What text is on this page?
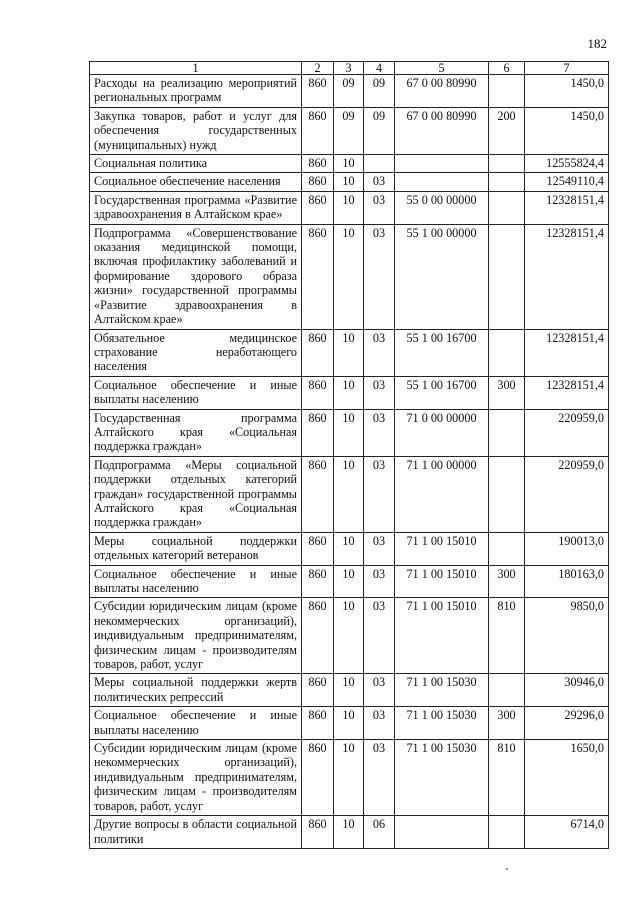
182
1	2	3	4	5	6	7
Расходы на реализацию мероприятий региональных программ	860	09	09	67 0 00 80990		1450,0
Закупка товаров, работ и услуг для обеспечения государственных (муниципальных) нужд	860	09	09	67 0 00 80990	200	1450,0
Социальная политика	860	10				12555824,4
Социальное обеспечение населения	860	10	03			12549110,4
Государственная программа «Развитие здравоохранения в Алтайском крае»	860	10	03	55 0 00 00000		12328151,4
Подпрограмма «Совершенствование оказания медицинской помощи, включая профилактику заболеваний и формирование здорового образа жизни» государственной программы «Развитие здравоохранения в Алтайском крае»	860	10	03	55 1 00 00000		12328151,4
Обязательное медицинское страхование неработающего населения	860	10	03	55 1 00 16700		12328151,4
Социальное обеспечение и иные выплаты населению	860	10	03	55 1 00 16700	300	12328151,4
Государственная программа Алтайского края «Социальная поддержка граждан»	860	10	03	71 0 00 00000		220959,0
Подпрограмма «Меры социальной поддержки отдельных категорий граждан» государственной программы Алтайского края «Социальная поддержка граждан»	860	10	03	71 1 00 00000		220959,0
Меры социальной поддержки отдельных категорий ветеранов	860	10	03	71 1 00 15010		190013,0
Социальное обеспечение и иные выплаты населению	860	10	03	71 1 00 15010	300	180163,0
Субсидии юридическим лицам (кроме некоммерческих организаций), индивидуальным предпринимателям, физическим лицам - производителям товаров, работ, услуг	860	10	03	71 1 00 15010	810	9850,0
Меры социальной поддержки жертв политических репрессий	860	10	03	71 1 00 15030		30946,0
Социальное обеспечение и иные выплаты населению	860	10	03	71 1 00 15030	300	29296,0
Субсидии юридическим лицам (кроме некоммерческих организаций), индивидуальным предпринимателям, физическим лицам - производителям товаров, работ, услуг	860	10	03	71 1 00 15030	810	1650,0
Другие вопросы в области социальной политики	860	10	06			6714,0
